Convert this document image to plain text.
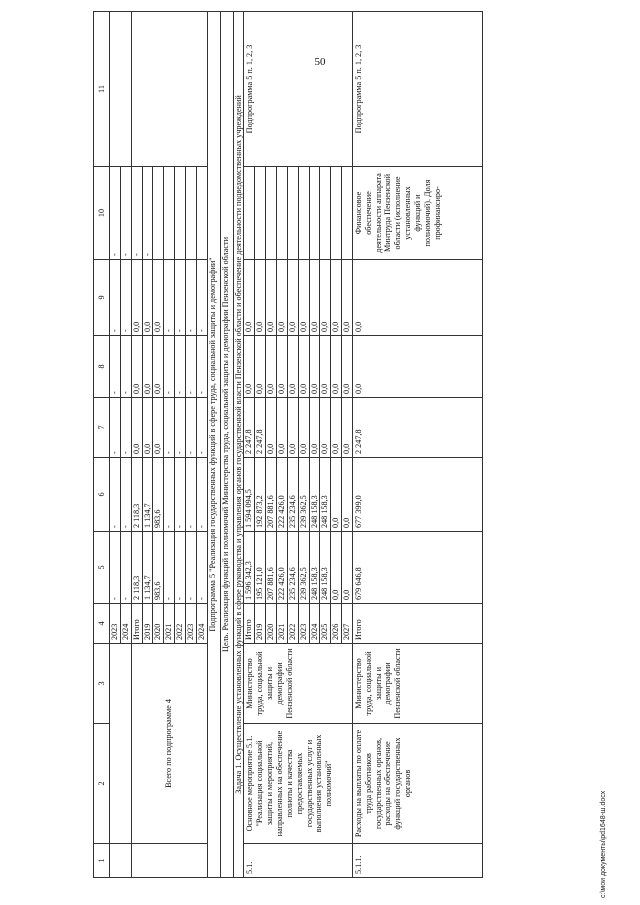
50
c:\мои документы\pd1648-ш.docx
1	2	3	4	5	6	7	8	9	10	11
			2023	-	-	-	-	-	-	
			2024	-	-	-	-	-	-	
	Всего по подпрограмме 4		Итого	2 118,3	2 118,3	0,0	0,0	0,0	-	
			2019	1 134,7	1 134,7	0,0	0,0	0,0	-	
			2020	983,6	983,6	0,0	0,0	0,0		
			2021	-	-	-	-	-		
			2022	-	-	-	-	-		
			2023	-	-	-	-	-		
			2024	-	-	-	-	-		
Подпрограмма 5 "Реализация государственных функций в сфере труда, социальной защиты и демографии"										
Цель. Реализация функций и полномочий Министерства труда, социальной защиты и демографии Пензенской области										
Задача 1. Осуществление установленных функций в сфере руководства и управления органов государственной власти Пензенской области и обеспечение деятельности подведомственных учреждений										
5.1.	Основное мероприятие 5.1. "Реализация социальной защиты и мероприятий, направленных на обеспечение полноты и качества предоставляемых государственных услуг и выполнения установленных полномочий"	Министерство труда, социальной защиты и демографии Пензенской области	Итого	1 596 342,3	1 594 094,5	2 247,8	0,0	0,0		Подпрограмма 5 п. 1, 2, 3
			2019	195 121,0	192 873,2	2 247,8	0,0	0,0		
			2020	207 881,6	207 881,6	0,0	0,0	0,0		
			2021	222 426,0	222 426,0	0,0	0,0	0,0		
			2022	235 234,6	235 234,6	0,0	0,0	0,0		
			2023	239 362,5	239 362,5	0,0	0,0	0,0		
			2024	248 158,3	248 158,3	0,0	0,0	0,0		
			2025	248 158,3	248 158,3	0,0	0,0	0,0		
			2026	0,0	0,0	0,0	0,0	0,0		
			2027	0,0	0,0	0,0	0,0	0,0		
5.1.1.	Расходы на выплаты по оплате труда работников государственных органов, расходы на обеспечение функций государственных органов	Министерство труда, социальной защиты и демографии Пензенской области	Итого	679 646,8	677 399,0	2 247,8	0,0	0,0	Финансовое обеспечение деятельности аппарата Минтруда Пензенской области (исполнение установленных функций и полномочий). Доля профинансиро-	Подпрограмма 5 п. 1, 2, 3
